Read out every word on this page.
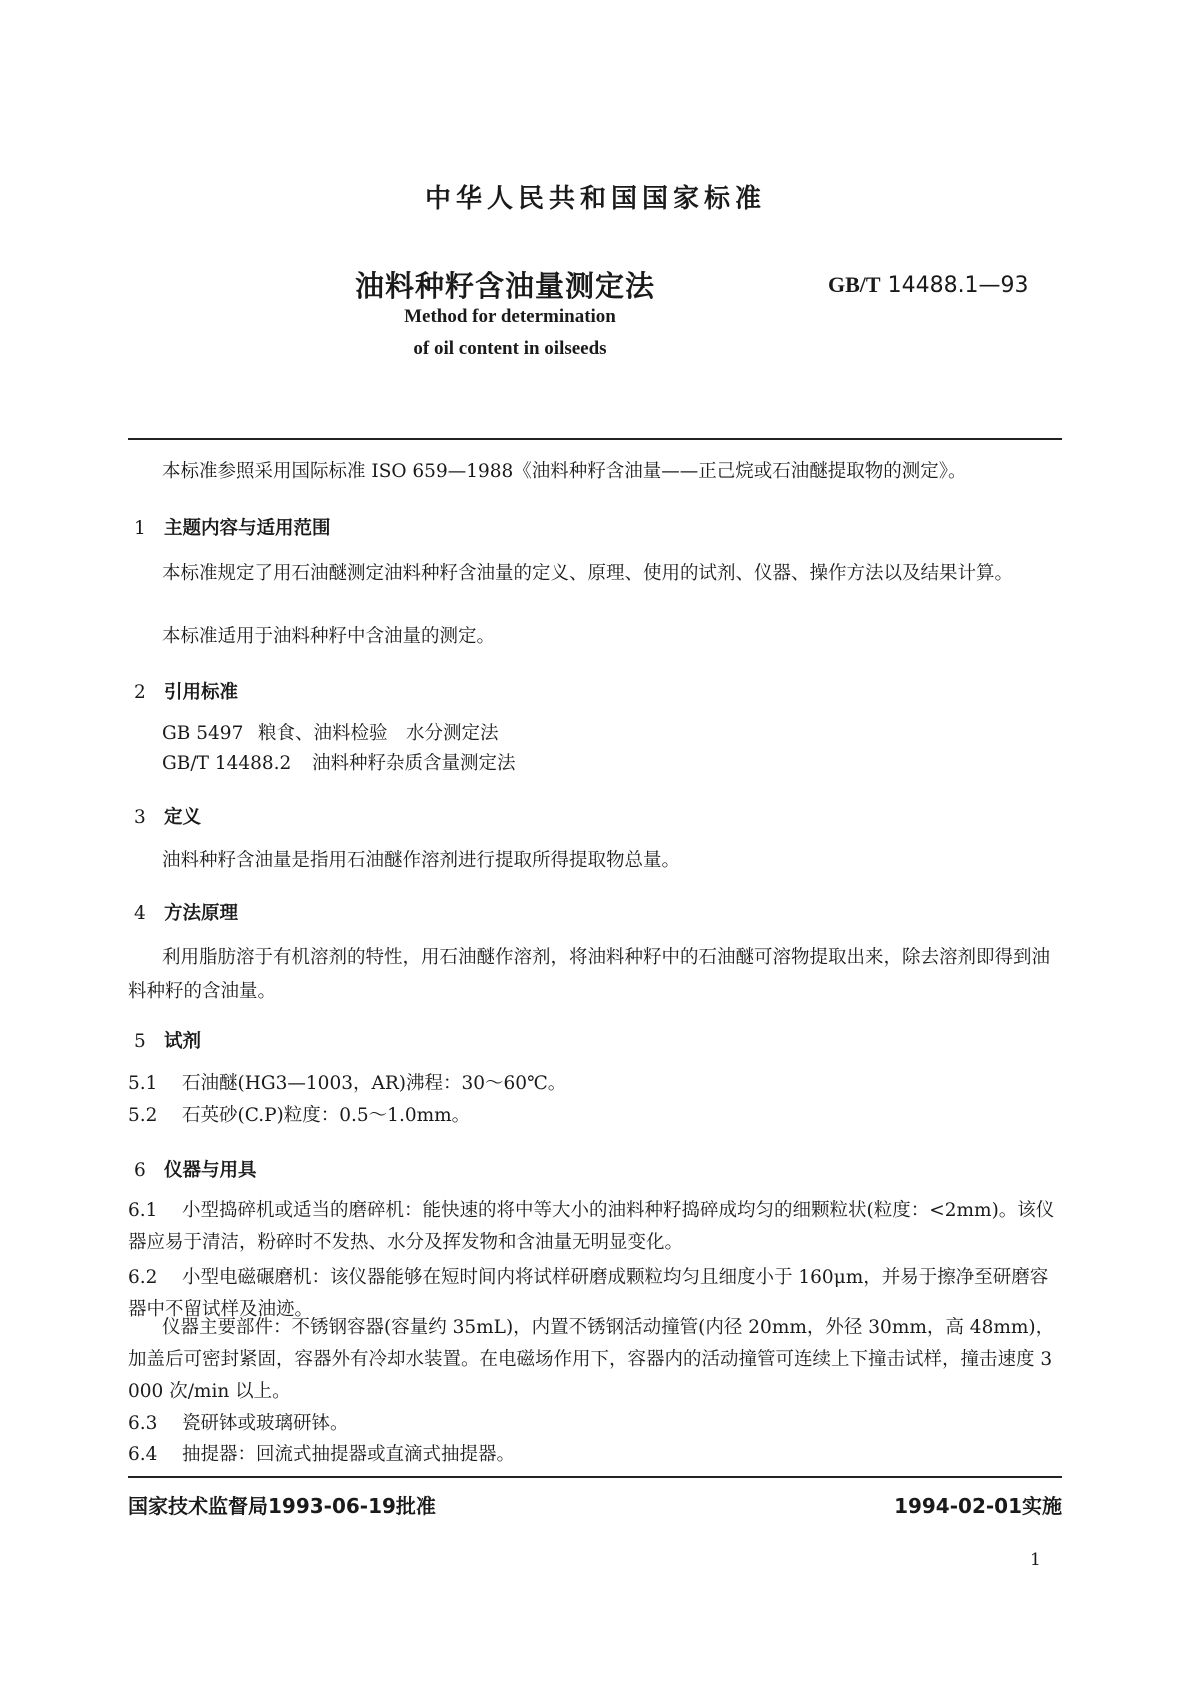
中华人民共和国国家标准
油料种籽含油量测定法	GB/T 14488.1—93
Method for determination
of oil content in oilseeds
本标准参照采用国际标准 ISO 659—1988《油料种籽含油量——正己烷或石油醚提取物的测定》。
1 主题内容与适用范围
本标准规定了用石油醚测定油料种籽含油量的定义、原理、使用的试剂、仪器、操作方法以及结果计算。
本标准适用于油料种籽中含油量的测定。
2 引用标准
GB 5497 粮食、油料检验　水分测定法
GB/T 14488.2 油料种籽杂质含量测定法
3 定义
油料种籽含油量是指用石油醚作溶剂进行提取所得提取物总量。
4 方法原理
利用脂肪溶于有机溶剂的特性，用石油醚作溶剂，将油料种籽中的石油醚可溶物提取出来，除去溶剂即得到油料种籽的含油量。
5 试剂
5.1 石油醚(HG3—1003，AR)沸程：30～60℃。
5.2 石英砂(C.P)粒度：0.5～1.0mm。
6 仪器与用具
6.1 小型捣碎机或适当的磨碎机：能快速的将中等大小的油料种籽捣碎成均匀的细颗粒状(粒度：<2mm)。该仪器应易于清洁，粉碎时不发热、水分及挥发物和含油量无明显变化。
6.2 小型电磁碾磨机：该仪器能够在短时间内将试样研磨成颗粒均匀且细度小于 160μm，并易于擦净至研磨容器中不留试样及油迹。
仪器主要部件：不锈钢容器(容量约 35mL)，内置不锈钢活动撞管(内径 20mm，外径 30mm，高 48mm)，加盖后可密封紧固，容器外有冷却水装置。在电磁场作用下，容器内的活动撞管可连续上下撞击试样，撞击速度 3 000 次/min 以上。
6.3 瓷研钵或玻璃研钵。
6.4 抽提器：回流式抽提器或直滴式抽提器。
国家技术监督局1993-06-19批准	1994-02-01实施
1
